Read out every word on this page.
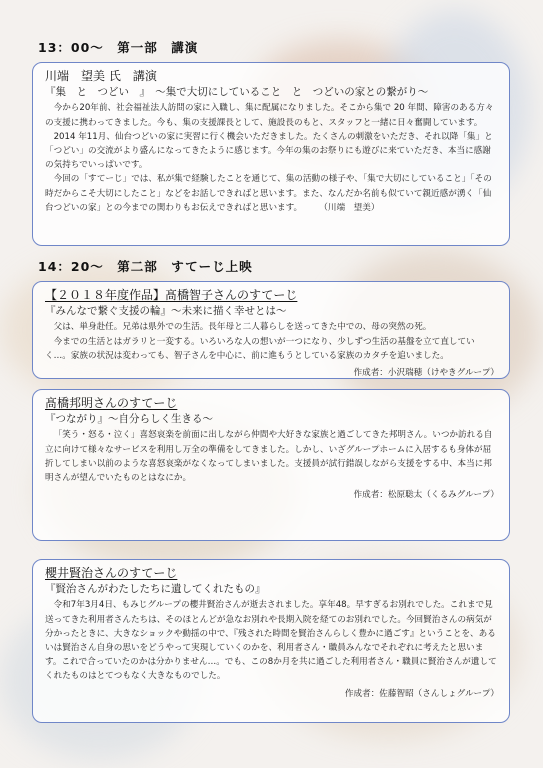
13：00～　第一部　講演
川端　望美 氏　講演
『集　と　つどい　』　～集で大切にしていること　と　つどいの家との繋がり～

今から20年前、社会福祉法人訪問の家に入職し、集に配属になりました。そこから集で 20 年間、障害のある方々の支援に携わってきました。今も、集の支援課長として、施設長のもと、スタッフと一緒に日々奮闘しています。

2014 年11月、仙台つどいの家に実習に行く機会いただきました。たくさんの刺激をいただき、それ以降「集」と「つどい」の交流がより盛んになってきたように感じます。今年の集のお祭りにも遊びに来ていただき、本当に感謝の気持ちでいっぱいです。

今回の「すてーじ」では、私が集で経験したことを通じて、集の活動の様子や、「集で大切にしていること」「その時だからこそ大切にしたこと」などをお話しできればと思います。また、なんだか名前も似ていて親近感が湧く「仙台つどいの家」との今までの関わりもお伝えできればと思います。　　　（川端　望美）

14：20～　第二部　すてーじ上映
【２０１８年度作品】髙橋智子さんのすてーじ
『みんなで繋ぐ支援の輪』～未来に描く幸せとは～

父は、単身赴任。兄弟は県外での生活。長年母と二人暮らしを送ってきた中での、母の突然の死。

今までの生活とはガラリと一変する。いろいろな人の想いが一つになり、少しずつ生活の基盤を立て直していく…。家族の状況は変わっても、智子さんを中心に、前に進もうとしている家族のカタチを追いました。

作成者：小沢瑞穂（けやきグループ）
髙橋邦明さんのすてーじ
『つながり』～自分らしく生きる～

「笑う・怒る・泣く」喜怒哀楽を前面に出しながら仲間や大好きな家族と過ごしてきた邦明さん。いつか訪れる自立に向けて様々なサービスを利用し万全の準備をしてきました。しかし、いざグループホームに入居するも身体が屈折してしまい以前のような喜怒哀楽がなくなってしまいました。支援員が試行錯誤しながら支援をする中、本当に邦明さんが望んでいたものとはなにか。

作成者：松原聡太（くるみグループ）
櫻井賢治さんのすてーじ
『賢治さんがわたしたちに遺してくれたもの』

令和7年3月4日、もみじグループの櫻井賢治さんが逝去されました。享年48。早すぎるお別れでした。これまで見送ってきた利用者さんたちは、そのほとんどが急なお別れや長期入院を経てのお別れでした。今回賢治さんの病気が分かったときに、大きなショックや動揺の中で、『残された時間を賢治さんらしく豊かに過ごす』ということを、あるいは賢治さん自身の思いをどうやって実現していくのかを、利用者さん・職員みんなでそれぞれに考えたと思います。これで合っていたのかは分かりません…。でも、この8か月を共に過ごした利用者さん・職員に賢治さんが遺してくれたものはとてつもなく大きなものでした。

作成者：佐藤智昭（さんしょグループ）
